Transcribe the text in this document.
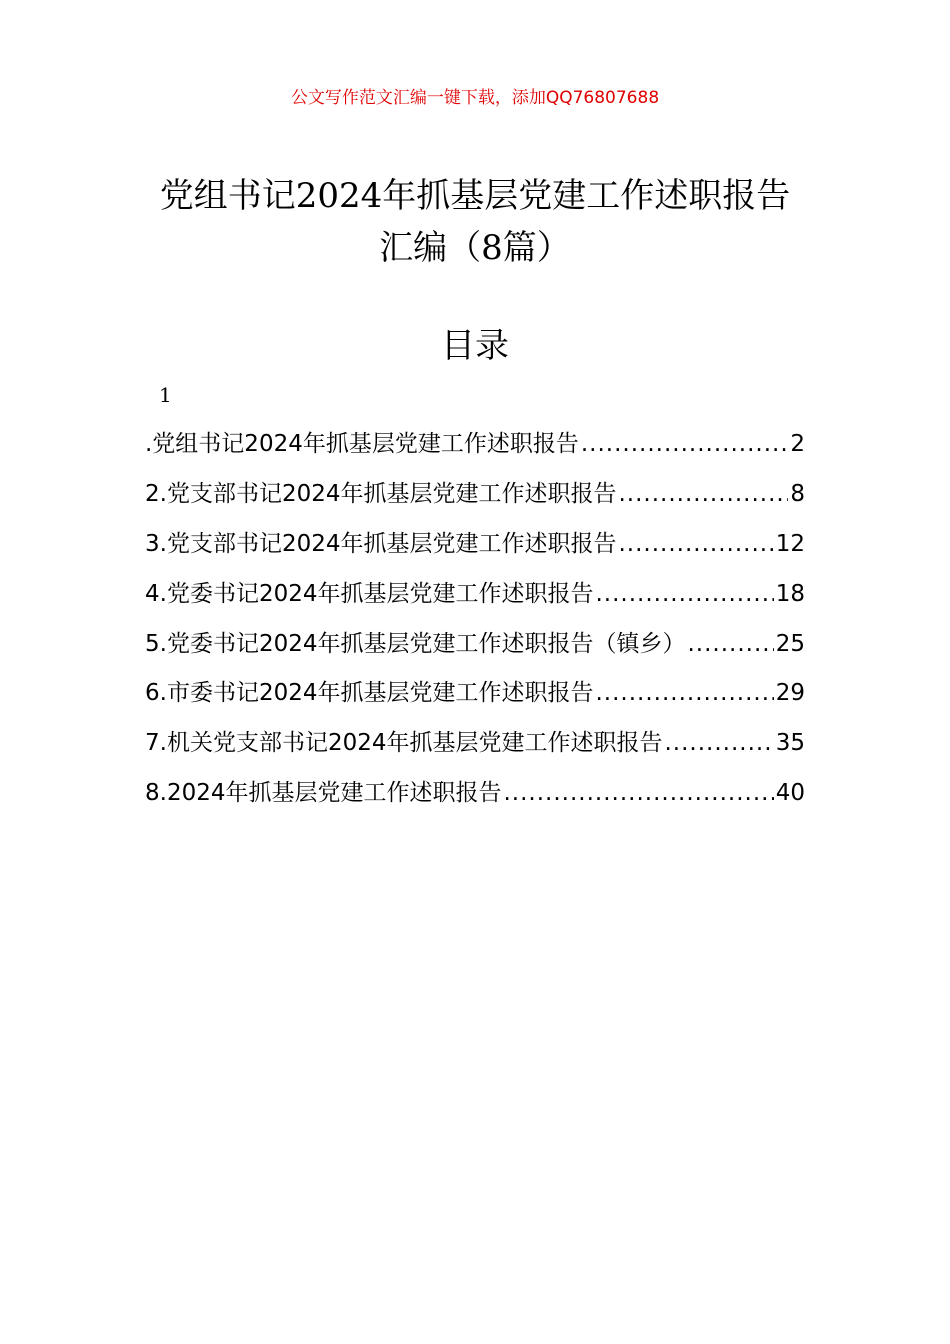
公文写作范文汇编一键下载，添加QQ76807688
党组书记2024年抓基层党建工作述职报告
汇编（8篇）
目录
1
.党组书记2024年抓基层党建工作述职报告 .....	2
2.党支部书记2024年抓基层党建工作述职报告 .....	8
3.党支部书记2024年抓基层党建工作述职报告 .....	12
4.党委书记2024年抓基层党建工作述职报告 .....	18
5.党委书记2024年抓基层党建工作述职报告（镇乡） .....	25
6.市委书记2024年抓基层党建工作述职报告 .....	29
7.机关党支部书记2024年抓基层党建工作述职报告 .....	35
8.2024年抓基层党建工作述职报告 .....	40
